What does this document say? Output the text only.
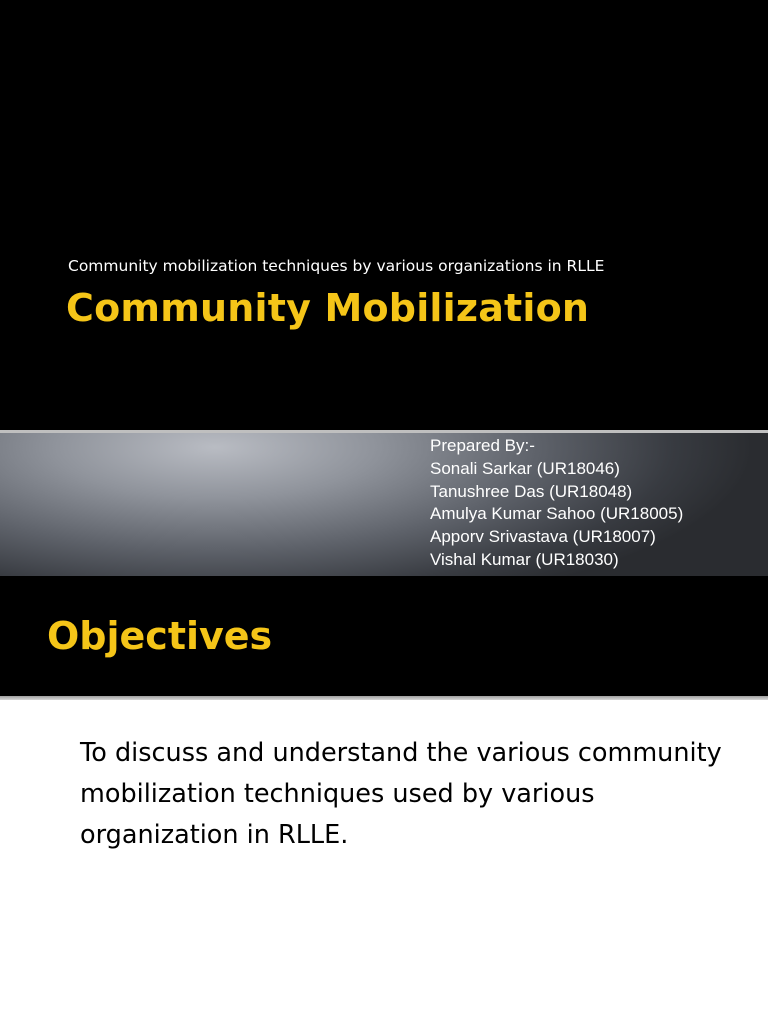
Community mobilization techniques by various organizations in RLLE
Community Mobilization
Prepared By:-
Sonali Sarkar (UR18046)
Tanushree Das (UR18048)
Amulya Kumar Sahoo (UR18005)
Apporv Srivastava (UR18007)
Vishal Kumar (UR18030)
Objectives
To discuss and understand the various community mobilization techniques used by various organization in RLLE.
